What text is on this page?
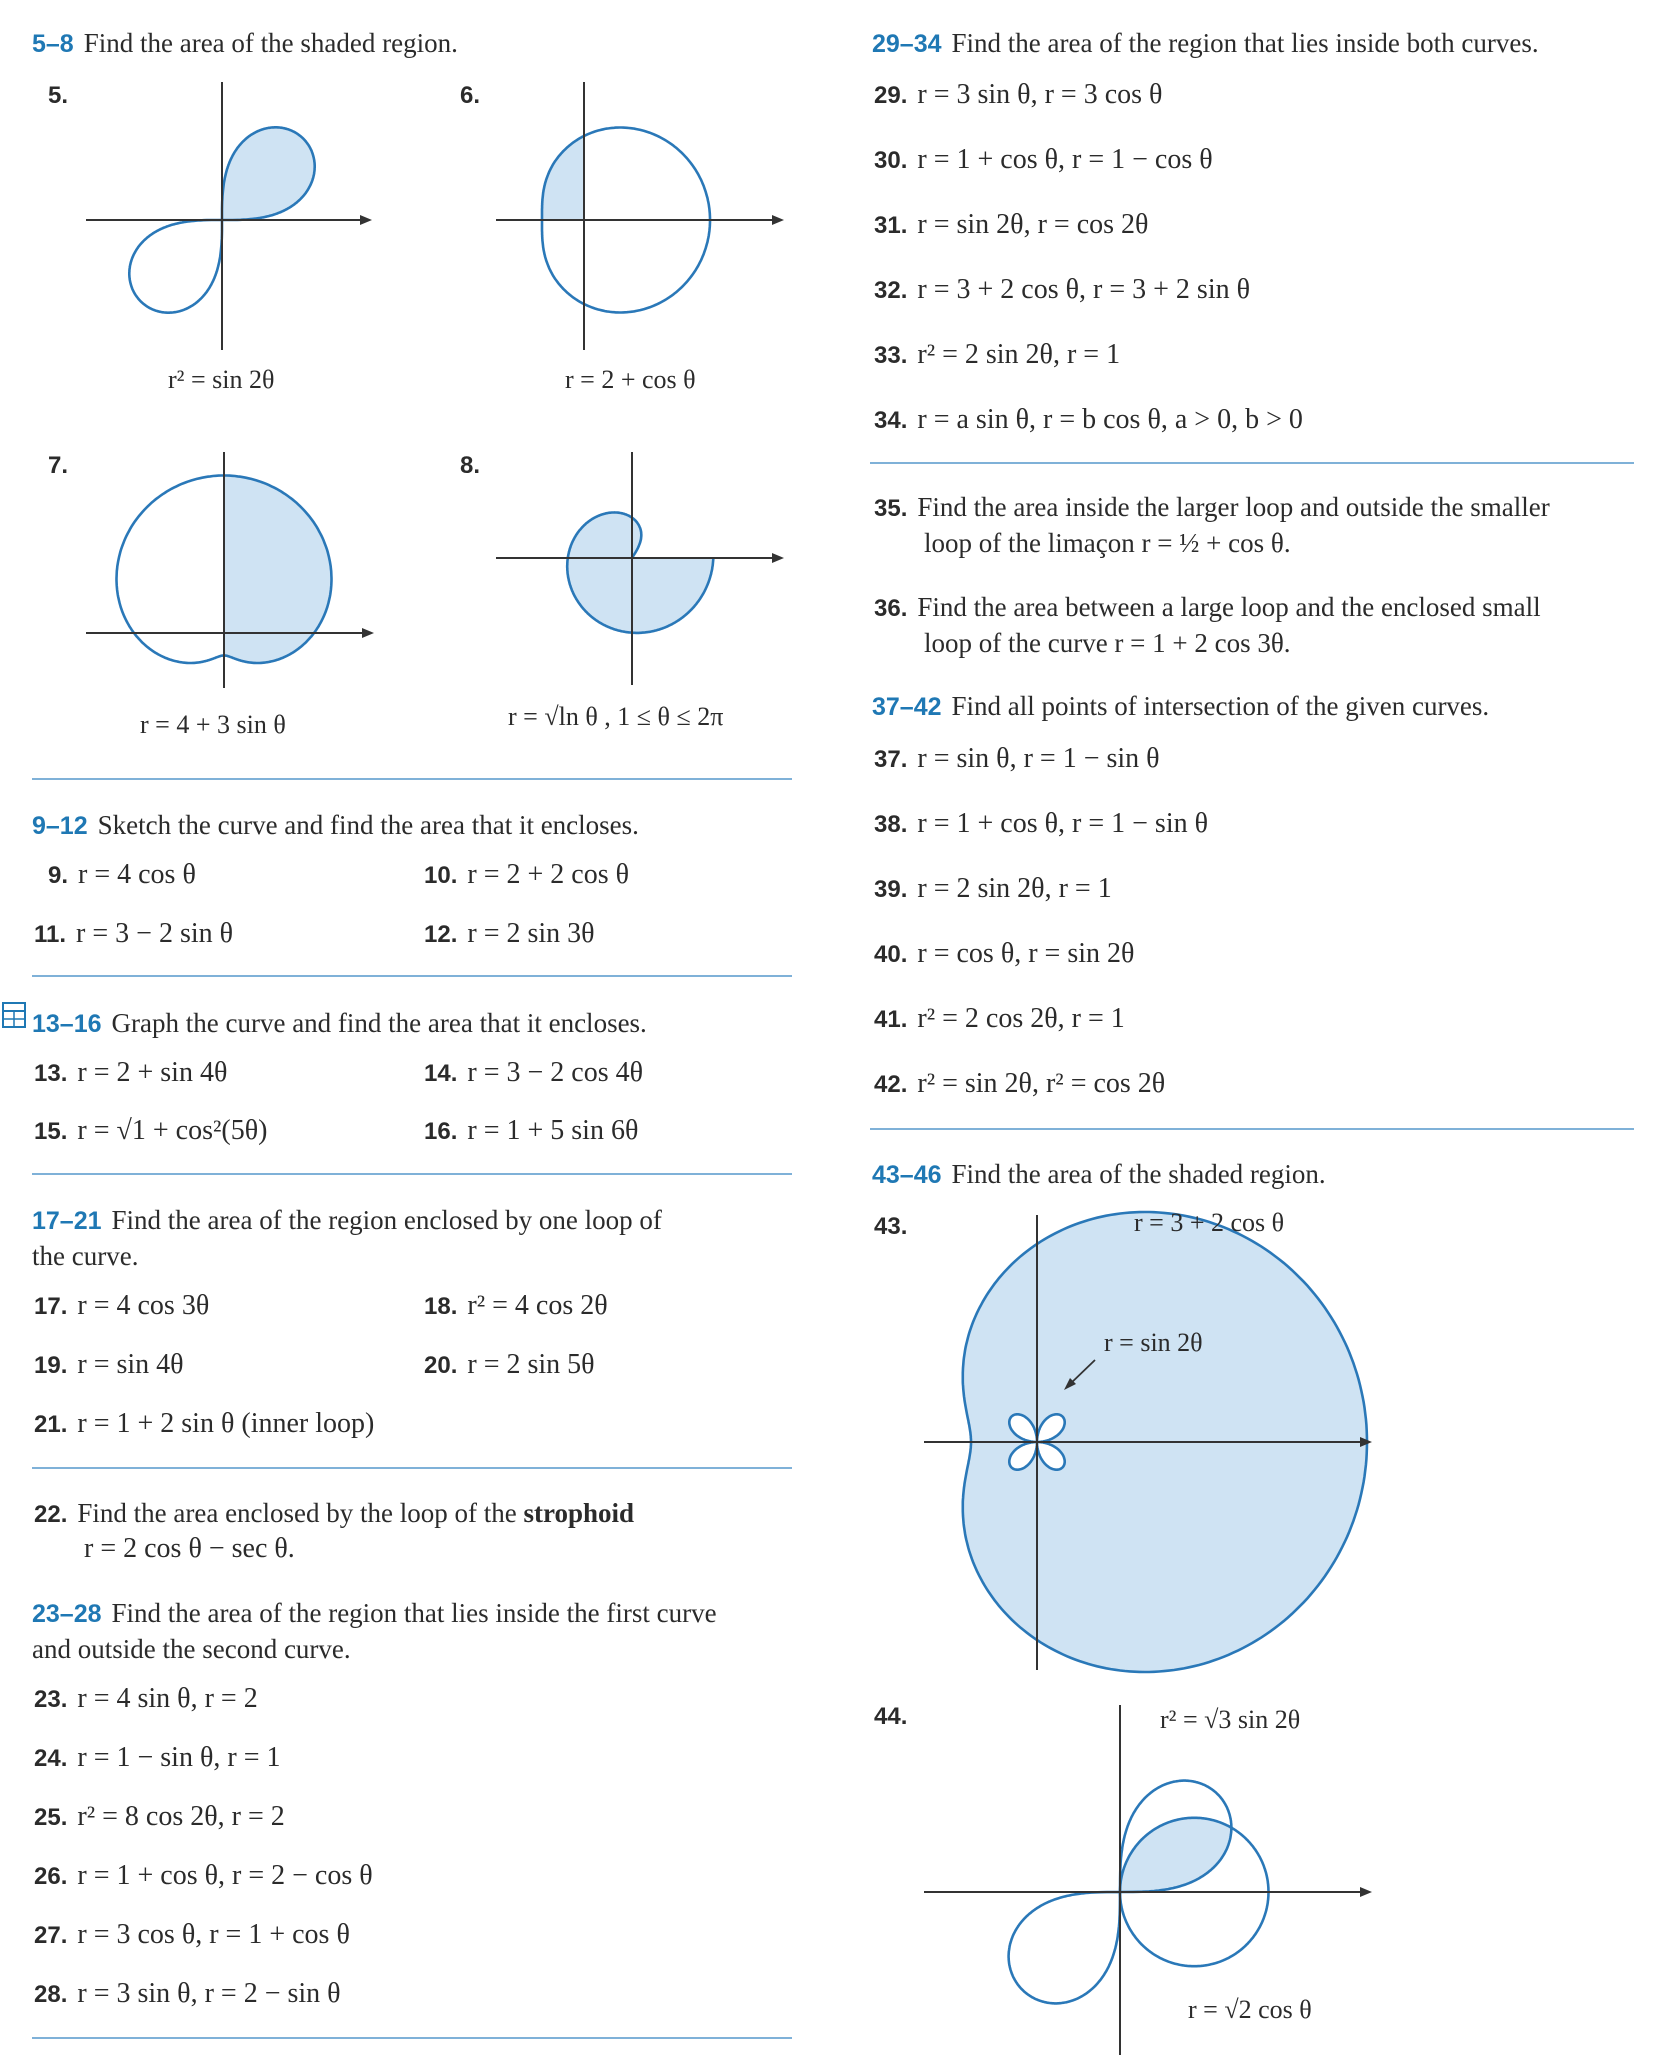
5–8 Find the area of the shaded region.
5.
r² = sin 2θ
6.
r = 2 + cos θ
7.
r = 4 + 3 sin θ
8.
r = √ln θ , 1 ≤ θ ≤ 2π
9–12 Sketch the curve and find the area that it encloses.
9. r = 4 cos θ	10. r = 2 + 2 cos θ
11. r = 3 − 2 sin θ	12. r = 2 sin 3θ
13–16 Graph the curve and find the area that it encloses.
13. r = 2 + sin 4θ	14. r = 3 − 2 cos 4θ
15. r = √1 + cos²(5θ)	16. r = 1 + 5 sin 6θ
17–21 Find the area of the region enclosed by one loop of
the curve.
17. r = 4 cos 3θ	18. r² = 4 cos 2θ
19. r = sin 4θ	20. r = 2 sin 5θ
21. r = 1 + 2 sin θ (inner loop)
22. Find the area enclosed by the loop of the strophoid
r = 2 cos θ − sec θ.
23–28 Find the area of the region that lies inside the first curve
and outside the second curve.
23. r = 4 sin θ, r = 2
24. r = 1 − sin θ, r = 1
25. r² = 8 cos 2θ, r = 2
26. r = 1 + cos θ, r = 2 − cos θ
27. r = 3 cos θ, r = 1 + cos θ
28. r = 3 sin θ, r = 2 − sin θ
29–34 Find the area of the region that lies inside both curves.
29. r = 3 sin θ, r = 3 cos θ
30. r = 1 + cos θ, r = 1 − cos θ
31. r = sin 2θ, r = cos 2θ
32. r = 3 + 2 cos θ, r = 3 + 2 sin θ
33. r² = 2 sin 2θ, r = 1
34. r = a sin θ, r = b cos θ, a > 0, b > 0
35. Find the area inside the larger loop and outside the smaller
loop of the limaçon r = ½ + cos θ.
36. Find the area between a large loop and the enclosed small
loop of the curve r = 1 + 2 cos 3θ.
37–42 Find all points of intersection of the given curves.
37. r = sin θ, r = 1 − sin θ
38. r = 1 + cos θ, r = 1 − sin θ
39. r = 2 sin 2θ, r = 1
40. r = cos θ, r = sin 2θ
41. r² = 2 cos 2θ, r = 1
42. r² = sin 2θ, r² = cos 2θ
43–46 Find the area of the shaded region.
43.	r = 3 + 2 cos θ
r = sin 2θ
44.	r² = √3 sin 2θ
r = √2 cos θ
